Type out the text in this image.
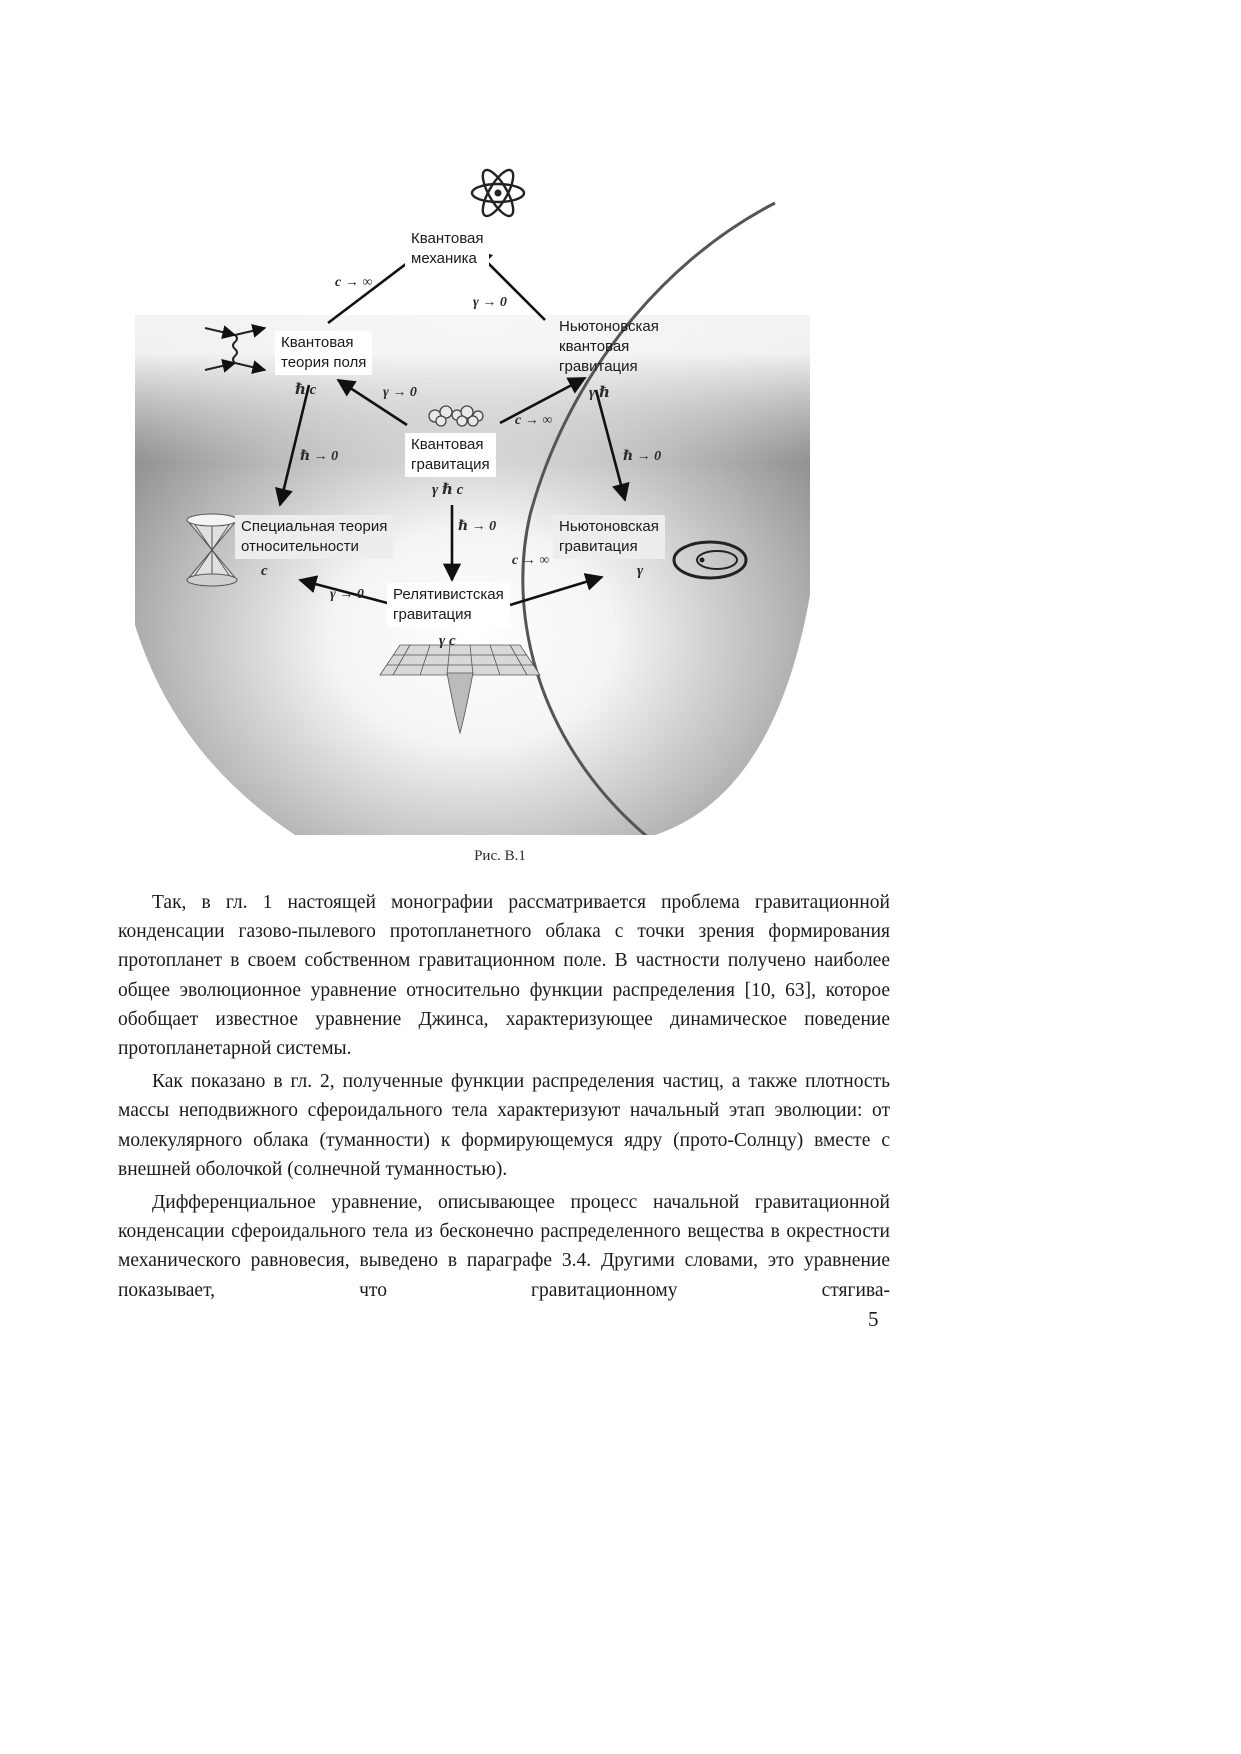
Квантовая
механика
Квантовая
теория поля
Ньютоновская
квантовая
гравитация
Квантовая
гравитация
Специальная теория
относительности
Ньютоновская
гравитация
Релятивистская
гравитация
ℏ c	γ ℏ
γ ℏ c
c	γ
γ c
c → ∞
γ → 0
γ → 0
c → ∞
ℏ → 0	ℏ → 0
ℏ → 0
c → ∞
γ → 0
Рис. В.1

Так, в гл. 1 настоящей монографии рассматривается проблема гравитационной конденсации газово-пылевого протопланетного облака с точки зрения формирования протопланет в своем собственном гравитационном поле. В частности получено наиболее общее эволюционное уравнение относительно функции распределения [10, 63], которое обобщает известное уравнение Джинса, характеризующее динамическое поведение протопланетарной системы.

Как показано в гл. 2, полученные функции распределения частиц, а также плотность массы неподвижного сфероидального тела характеризуют начальный этап эволюции: от молекулярного облака (туманности) к формирующемуся ядру (прото-Солнцу) вместе с внешней оболочкой (солнечной туманностью).

Дифференциальное уравнение, описывающее процесс начальной гравитационной конденсации сфероидального тела из бесконечно распределенного вещества в окрестности механического равновесия, выведено в параграфе 3.4. Другими словами, это уравнение показывает, что гравитационному стягива-

5
